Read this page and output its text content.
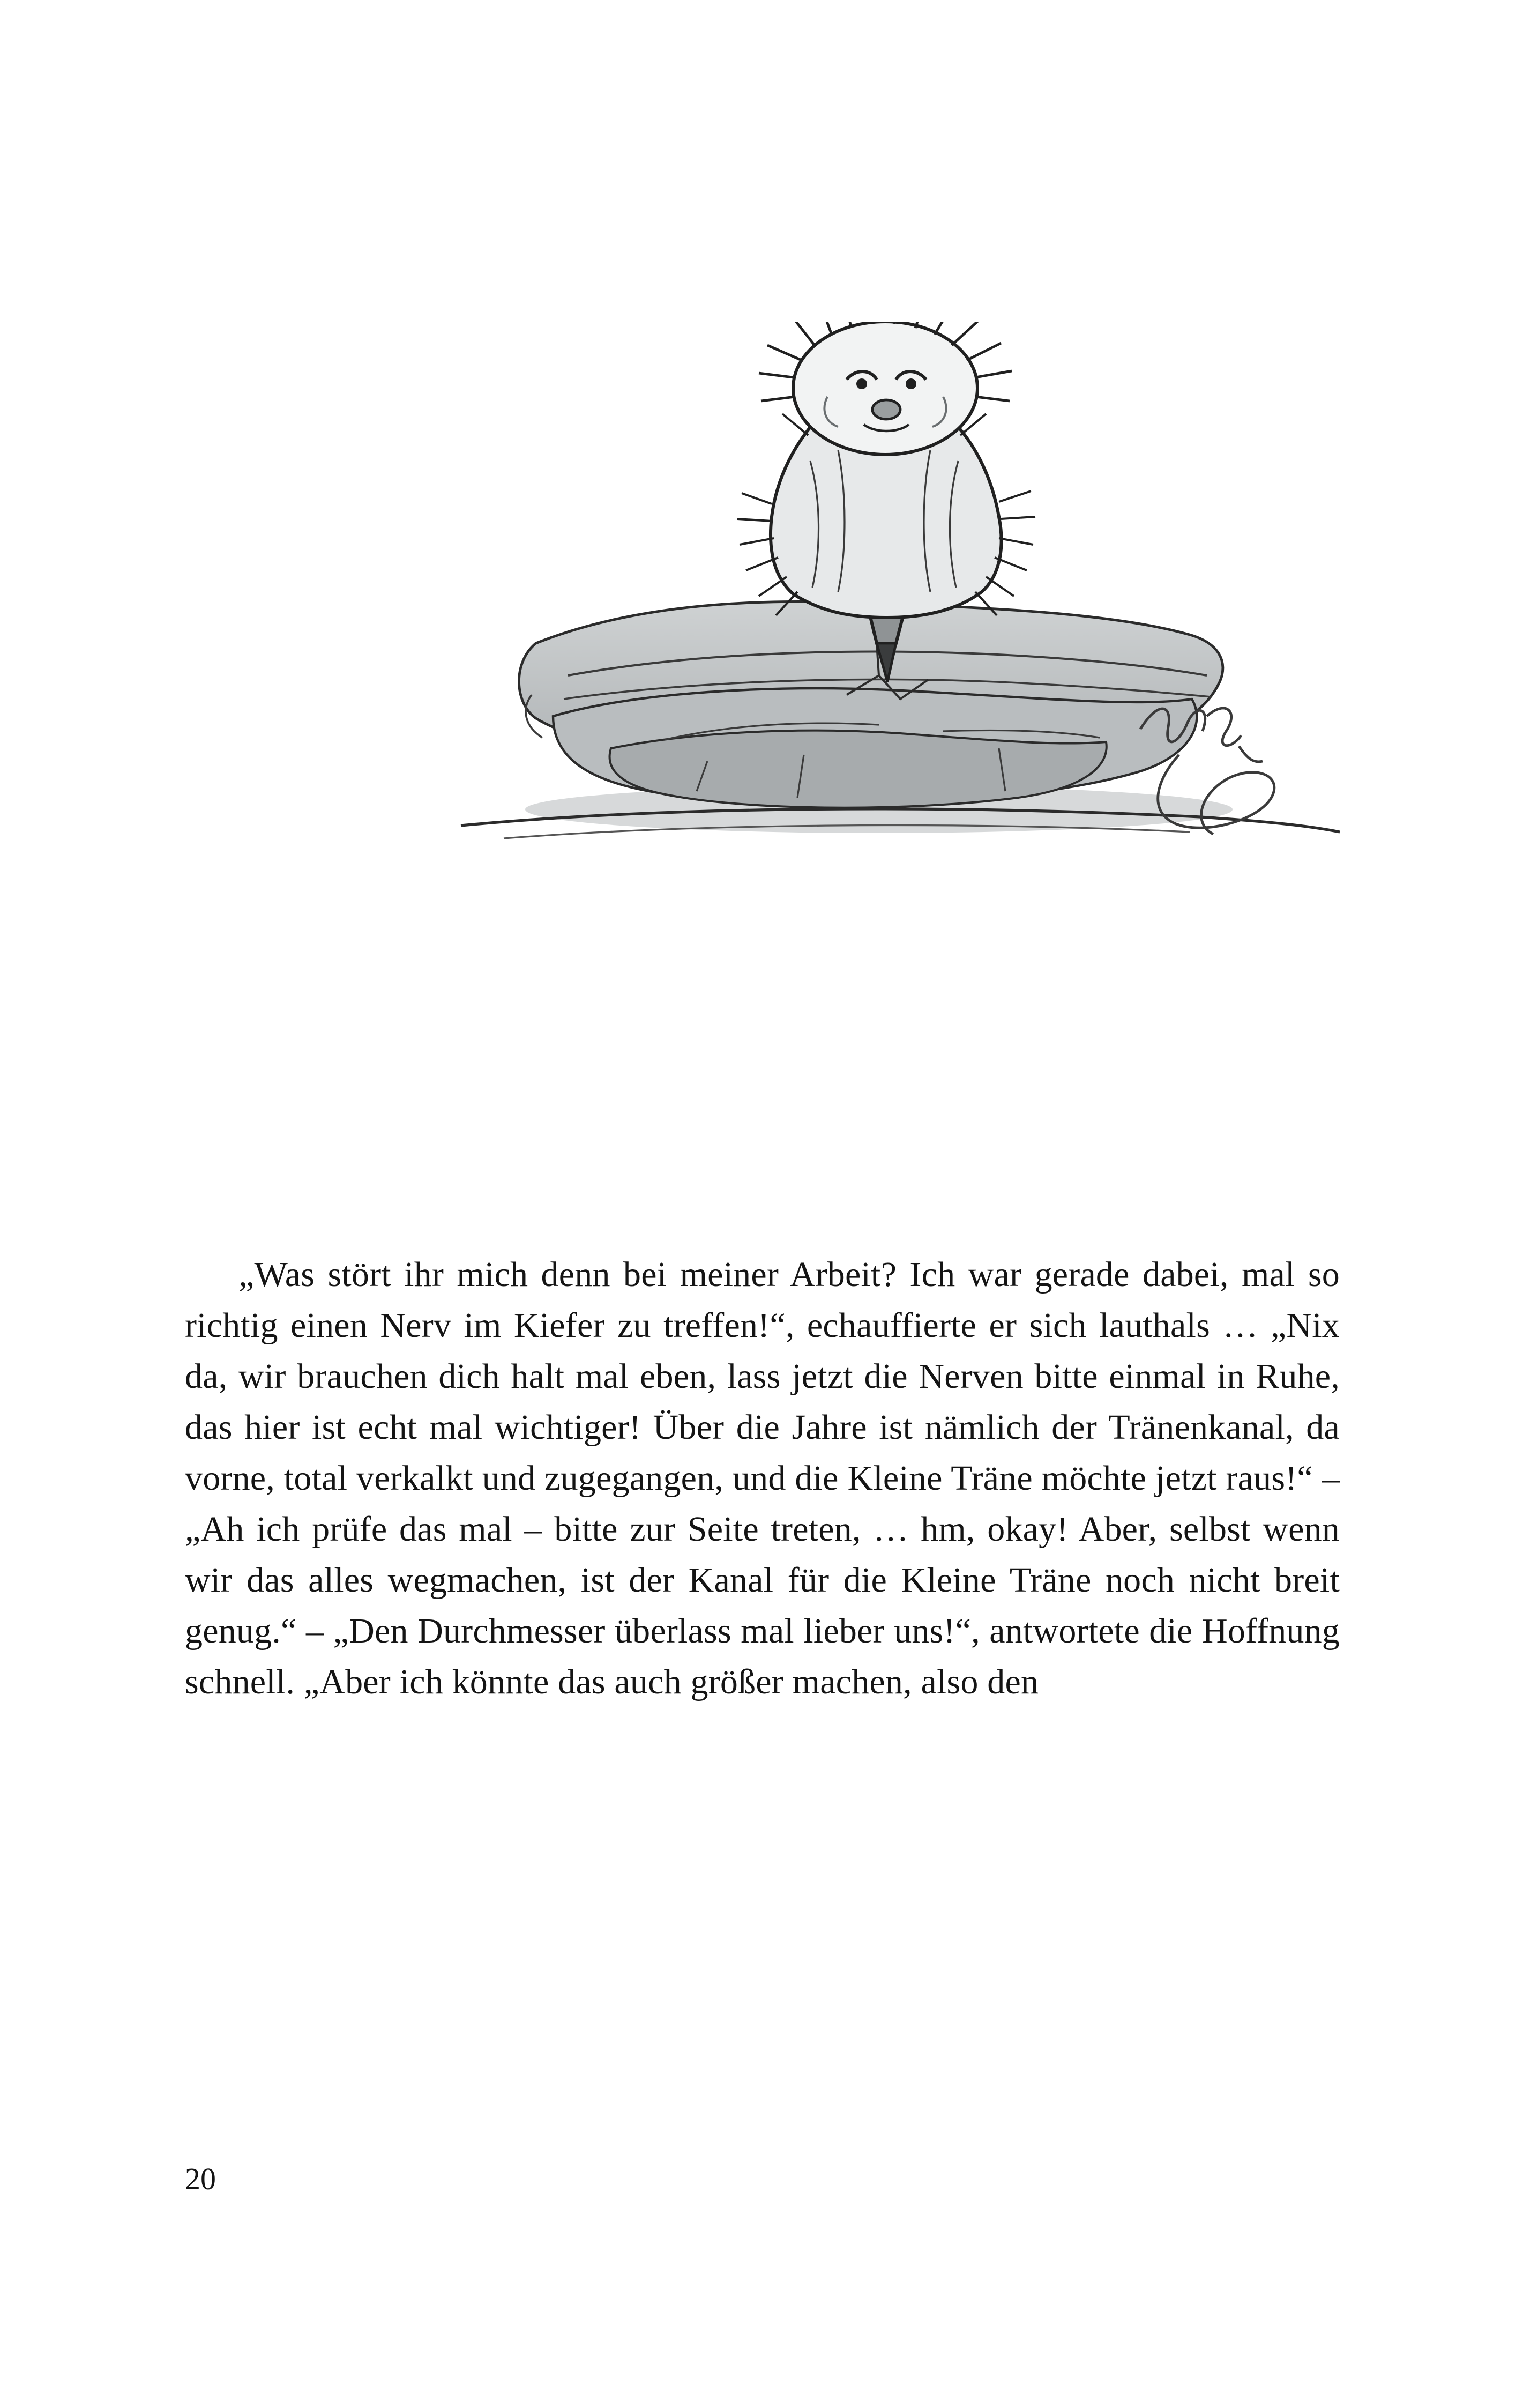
„Was stört ihr mich denn bei meiner Arbeit? Ich war gerade dabei, mal so richtig einen Nerv im Kiefer zu treffen!“, echauffierte er sich lauthals … „Nix da, wir brauchen dich halt mal eben, lass jetzt die Nerven bitte einmal in Ruhe, das hier ist echt mal wichtiger! Über die Jahre ist nämlich der Tränenkanal, da vorne, total verkalkt und zugegangen, und die Kleine Träne möchte jetzt raus!“ – „Ah ich prüfe das mal – bitte zur Seite treten, … hm, okay! Aber, selbst wenn wir das alles wegmachen, ist der Kanal für die Kleine Träne noch nicht breit genug.“ – „Den Durchmesser überlass mal lieber uns!“, antwortete die Hoffnung schnell. „Aber ich könnte das auch größer machen, also den

20
